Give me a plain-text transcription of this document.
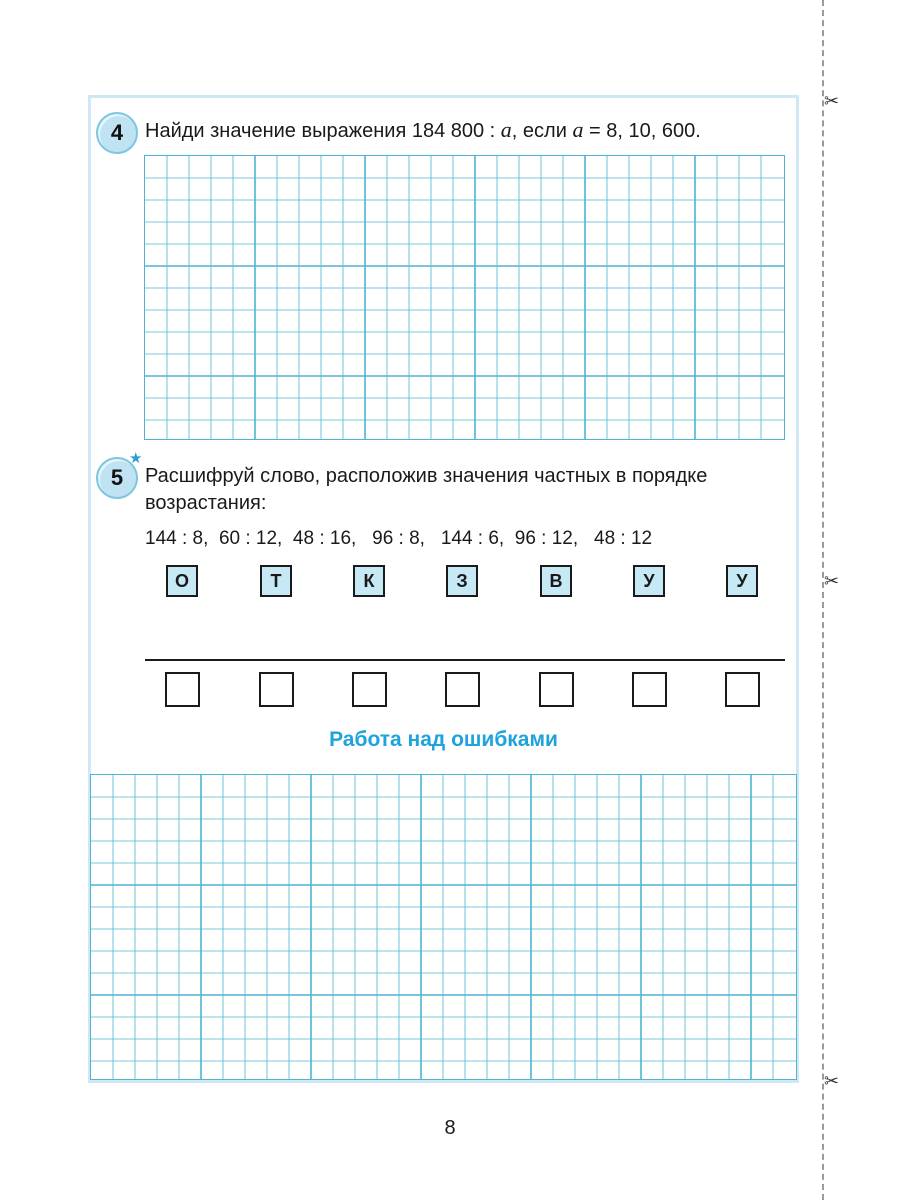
✂
✂
✂
4	Найди значение выражения 184 800 : a, если a = 8, 10, 600.
5
★
Расшифруй слово, расположив значения частных в порядке возрастания:
144 : 8, 60 : 12, 48 : 16, 96 : 8, 144 : 6, 96 : 12, 48 : 12
О	Т	К	З	В	У	У
Работа над ошибками
8
